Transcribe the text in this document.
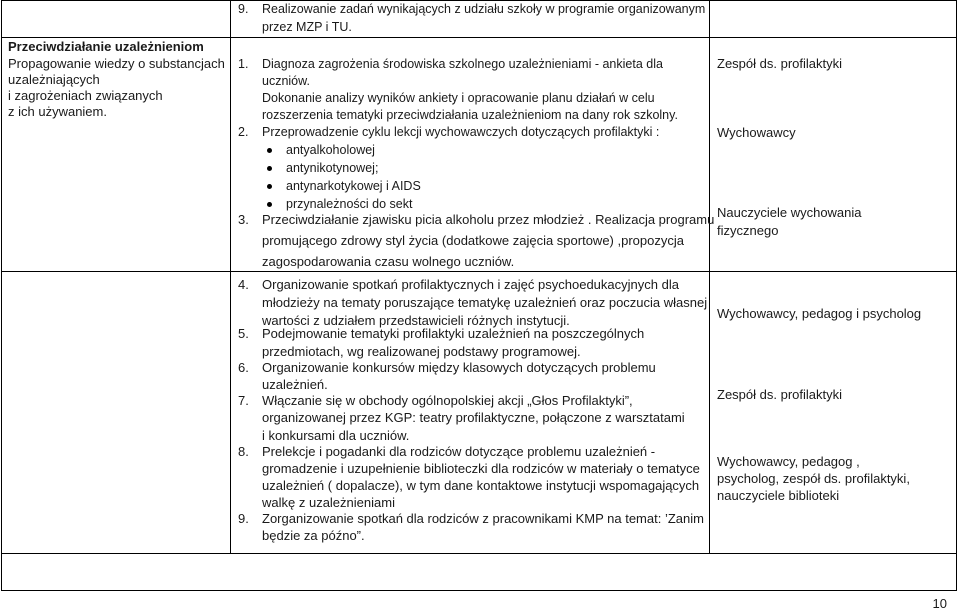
9. Realizowanie zadań wynikających z udziału szkoły w programie organizowanym
przez MZP i TU.
Przeciwdziałanie uzależnieniom
Propagowanie wiedzy o substancjach
uzależniających
i zagrożeniach związanych
z ich używaniem.
1. Diagnoza zagrożenia środowiska szkolnego uzależnieniami - ankieta dla
uczniów.
Dokonanie analizy wyników ankiety i opracowanie planu działań w celu
rozszerzenia tematyki przeciwdziałania uzależnieniom na dany rok szkolny.
2. Przeprowadzenie cyklu lekcji wychowawczych dotyczących profilaktyki :
antyalkoholowej
antynikotynowej;
antynarkotykowej i AIDS
przynależności do sekt
3. Przeciwdziałanie zjawisku picia alkoholu przez młodzież . Realizacja programu
promującego zdrowy styl życia (dodatkowe zajęcia sportowe) ,propozycja
zagospodarowania czasu wolnego uczniów.
Zespół ds. profilaktyki
Wychowawcy
Nauczyciele wychowania
fizycznego
4. Organizowanie spotkań profilaktycznych i zajęć psychoedukacyjnych dla
młodzieży na tematy poruszające tematykę uzależnień oraz poczucia własnej
wartości z udziałem przedstawicieli różnych instytucji.
5. Podejmowanie tematyki profilaktyki uzależnień na poszczególnych
przedmiotach, wg realizowanej podstawy programowej.
6. Organizowanie konkursów między klasowych dotyczących problemu
uzależnień.
7. Włączanie się w obchody ogólnopolskiej akcji „Głos Profilaktyki”,
organizowanej przez KGP: teatry profilaktyczne, połączone z warsztatami
i konkursami dla uczniów.
8. Prelekcje i pogadanki dla rodziców dotyczące problemu uzależnień -
gromadzenie i uzupełnienie biblioteczki dla rodziców w materiały o tematyce
uzależnień ( dopalacze), w tym dane kontaktowe instytucji wspomagających
walkę z uzależnieniami
9. Zorganizowanie spotkań dla rodziców z pracownikami KMP na temat: ’Zanim
będzie za późno”.
Wychowawcy, pedagog i psycholog
Zespół ds. profilaktyki
Wychowawcy, pedagog ,
psycholog, zespół ds. profilaktyki,
nauczyciele biblioteki
10
